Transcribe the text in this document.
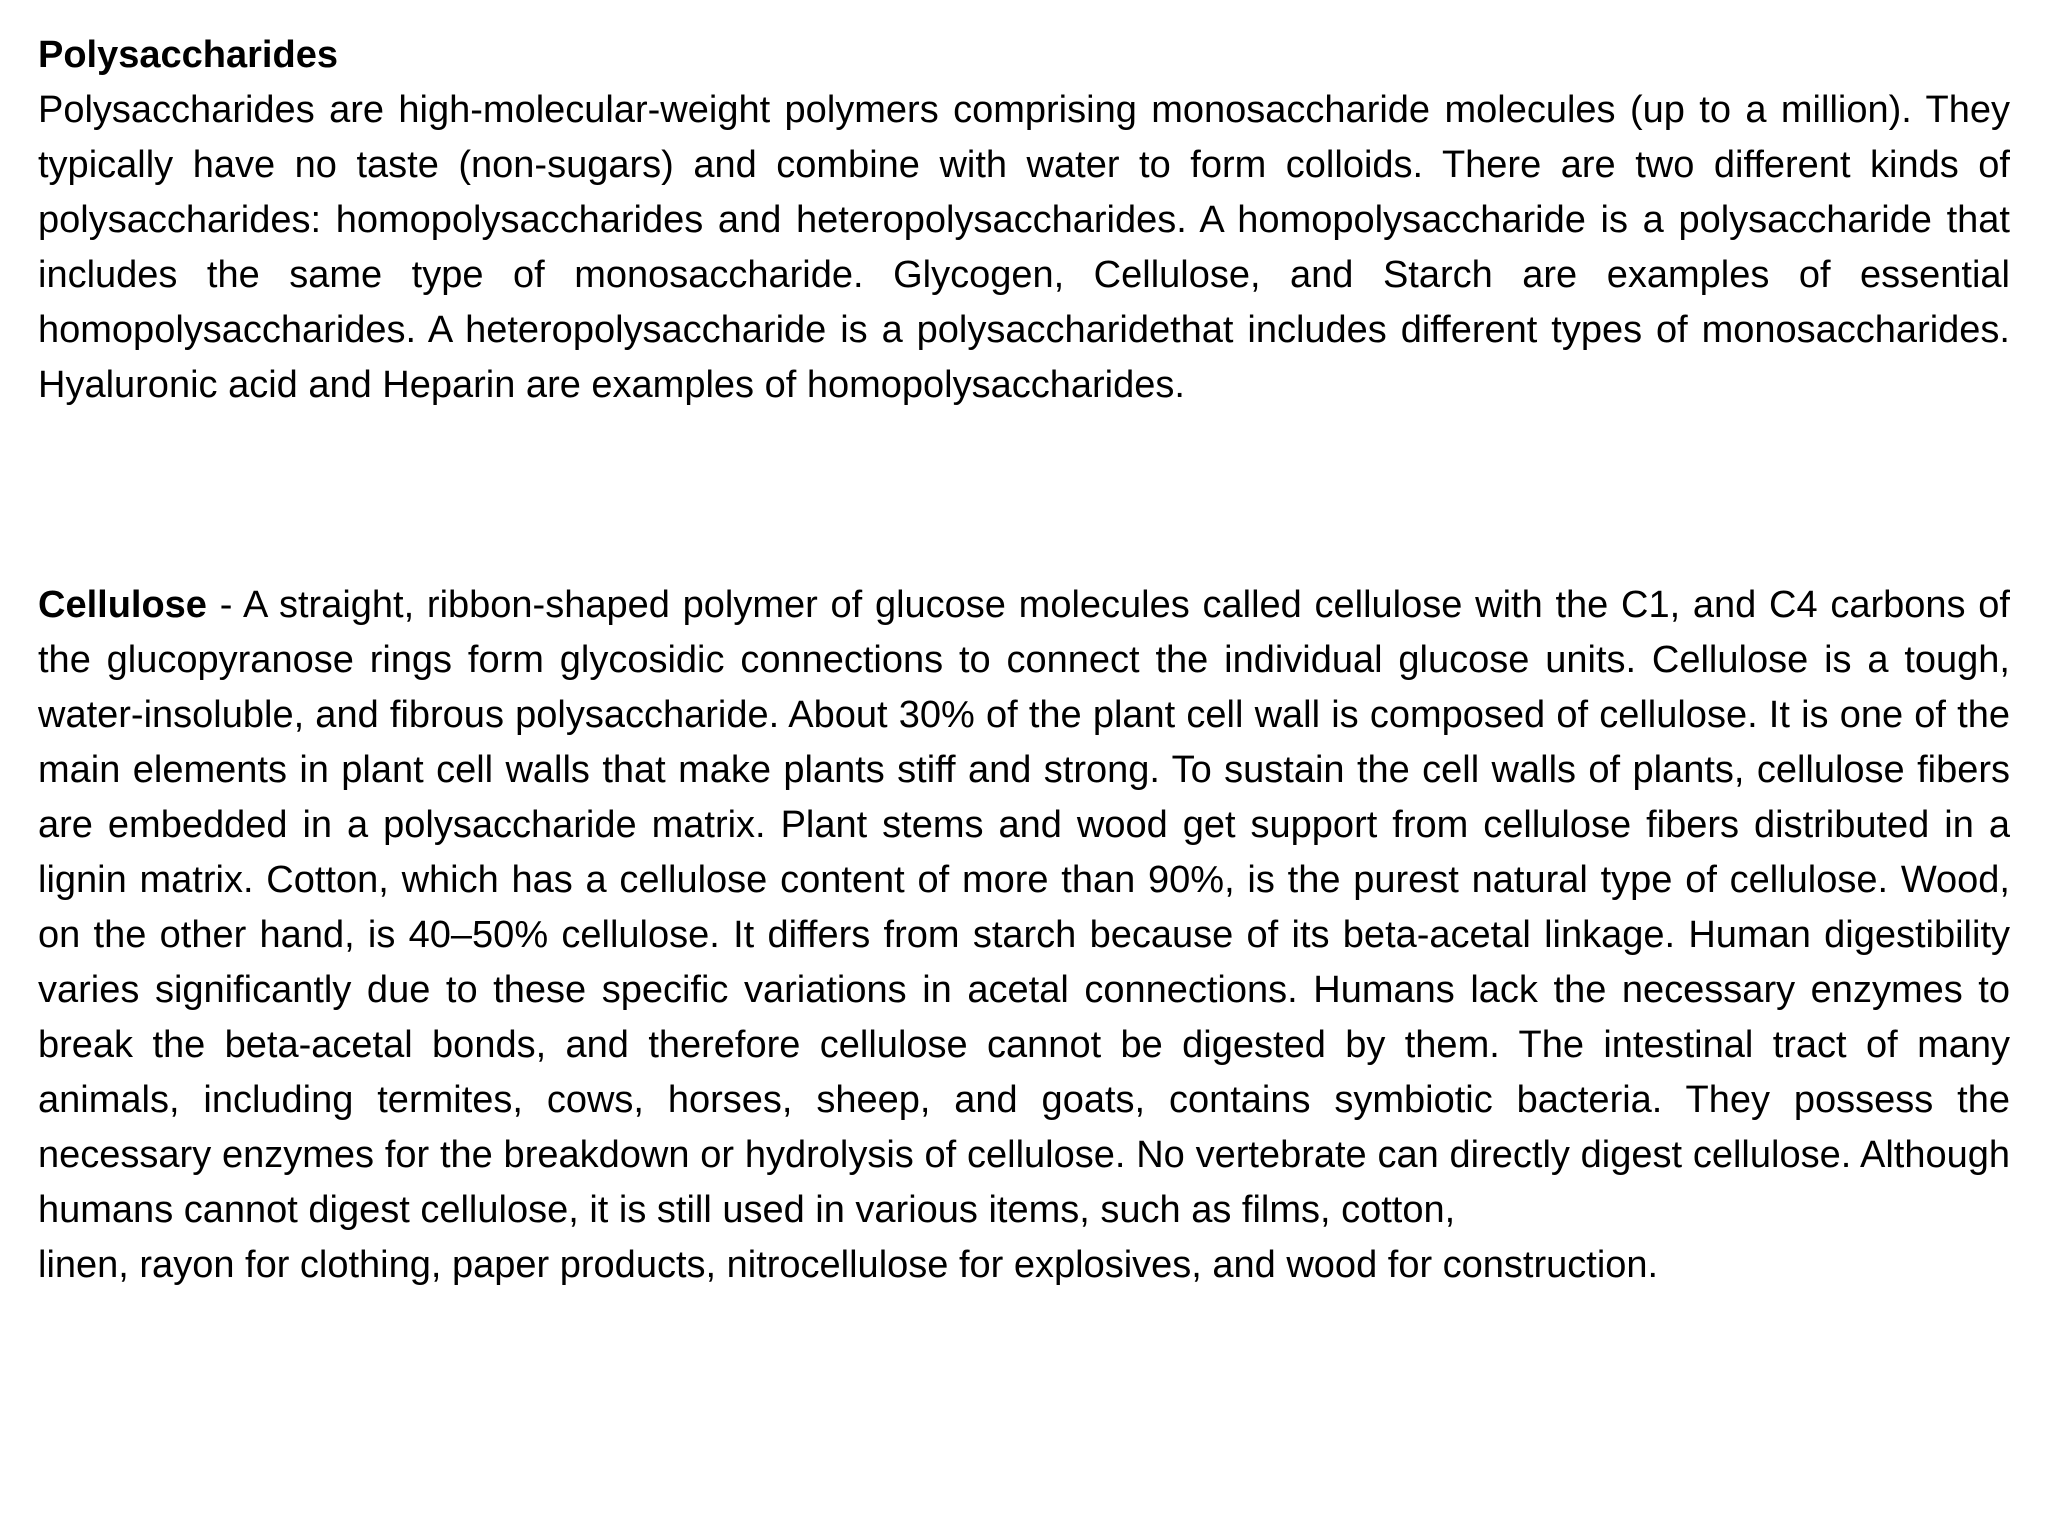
Polysaccharides

Polysaccharides are high-molecular-weight polymers comprising monosaccharide molecules (up to a million). They typically have no taste (non-sugars) and combine with water to form colloids. There are two different kinds of polysaccharides: homopolysaccharides and heteropolysaccharides. A homopolysaccharide is a polysaccharide that includes the same type of monosaccharide. Glycogen, Cellulose, and Starch are examples of essential homopolysaccharides. A heteropolysaccharide is a polysaccharidethat includes different types of monosaccharides. Hyaluronic acid and Heparin are examples of homopolysaccharides.

Cellulose - A straight, ribbon-shaped polymer of glucose molecules called cellulose with the C1, and C4 carbons of the glucopyranose rings form glycosidic connections to connect the individual glucose units. Cellulose is a tough, water-insoluble, and fibrous polysaccharide. About 30% of the plant cell wall is composed of cellulose. It is one of the main elements in plant cell walls that make plants stiff and strong. To sustain the cell walls of plants, cellulose fibers are embedded in a polysaccharide matrix. Plant stems and wood get support from cellulose fibers distributed in a lignin matrix. Cotton, which has a cellulose content of more than 90%, is the purest natural type of cellulose. Wood, on the other hand, is 40–50% cellulose. It differs from starch because of its beta-acetal linkage. Human digestibility varies significantly due to these specific variations in acetal connections. Humans lack the necessary enzymes to break the beta-acetal bonds, and therefore cellulose cannot be digested by them. The intestinal tract of many animals, including termites, cows, horses, sheep, and goats, contains symbiotic bacteria. They possess the necessary enzymes for the breakdown or hydrolysis of cellulose. No vertebrate can directly digest cellulose. Although humans cannot digest cellulose, it is still used in various items, such as films, cotton,

linen, rayon for clothing, paper products, nitrocellulose for explosives, and wood for construction.
